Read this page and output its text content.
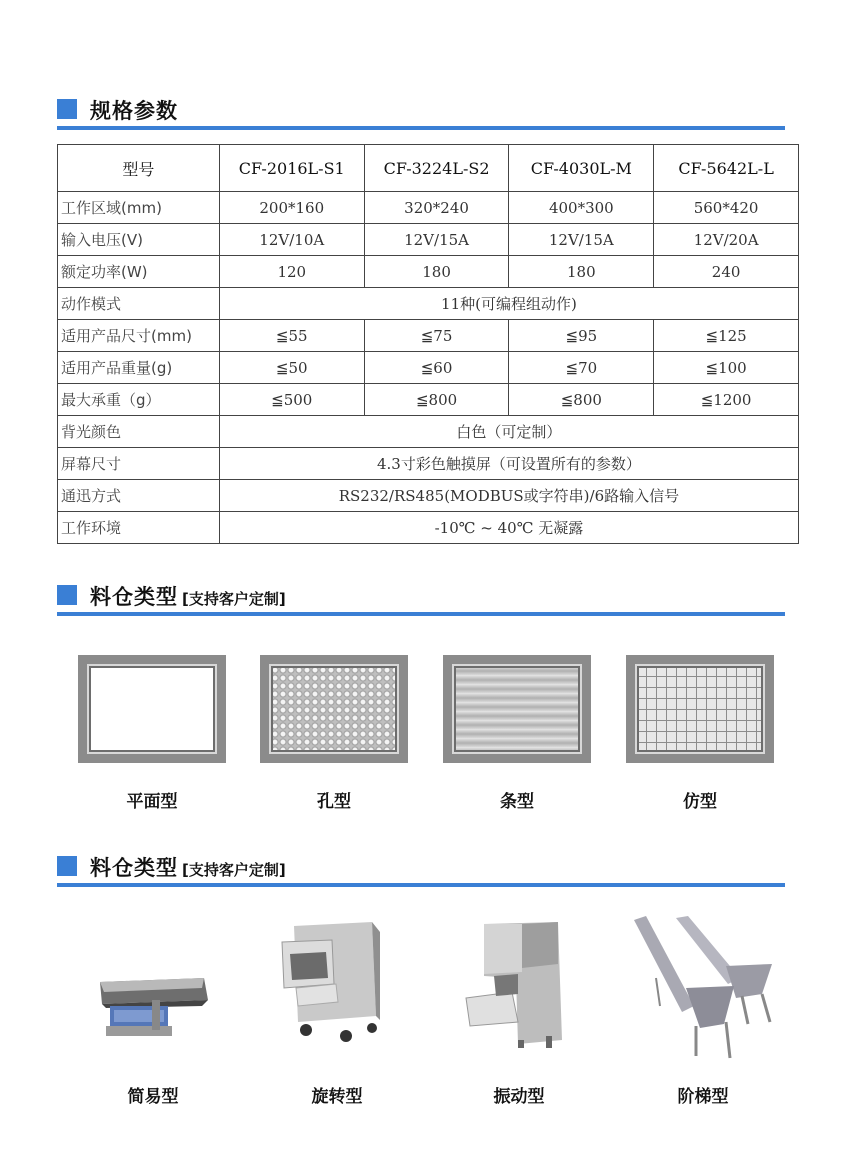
规格参数
型号	CF-2016L-S1	CF-3224L-S2	CF-4030L-M	CF-5642L-L
工作区域(mm)	200*160	320*240	400*300	560*420
输入电压(V)	12V/10A	12V/15A	12V/15A	12V/20A
额定功率(W)	120	180	180	240
动作模式	11种(可编程组动作)			
适用产品尺寸(mm)	≦55	≦75	≦95	≦125
适用产品重量(g)	≦50	≦60	≦70	≦100
最大承重（g）	≦500	≦800	≦800	≦1200
背光颜色	白色（可定制）			
屏幕尺寸	4.3寸彩色触摸屏（可设置所有的参数）			
通迅方式	RS232/RS485(MODBUS或字符串)/6路输入信号			
工作环境	-10℃ ~ 40℃ 无凝露			
料仓类型 [支持客户定制]
平面型	孔型	条型	仿型
料仓类型 [支持客户定制]
简易型	旋转型	振动型	阶梯型
